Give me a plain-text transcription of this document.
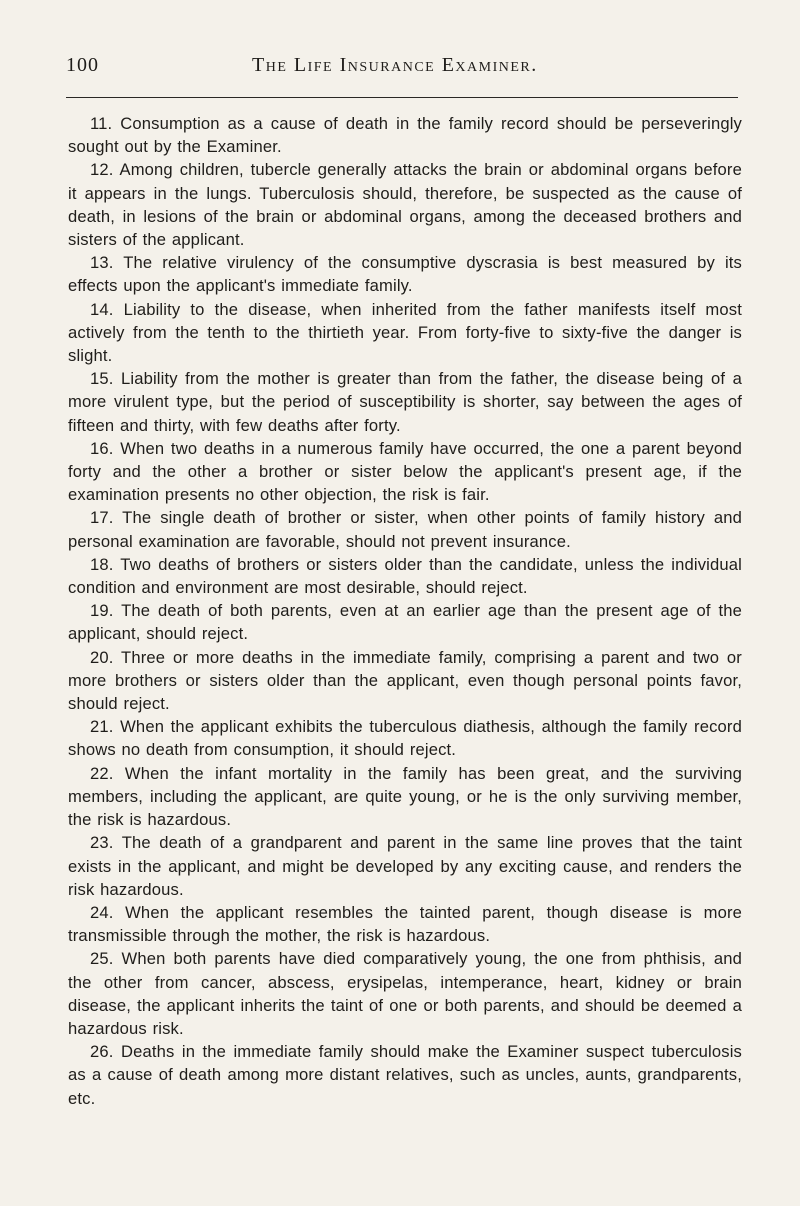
100	The Life Insurance Examiner.

11. Consumption as a cause of death in the family record should be perseveringly sought out by the Examiner.

12. Among children, tubercle generally attacks the brain or abdominal organs before it appears in the lungs. Tuberculosis should, therefore, be suspected as the cause of death, in lesions of the brain or abdominal organs, among the deceased brothers and sisters of the applicant.

13. The relative virulency of the consumptive dyscrasia is best measured by its effects upon the applicant's immediate family.

14. Liability to the disease, when inherited from the father manifests itself most actively from the tenth to the thirtieth year. From forty-five to sixty-five the danger is slight.

15. Liability from the mother is greater than from the father, the disease being of a more virulent type, but the period of susceptibility is shorter, say between the ages of fifteen and thirty, with few deaths after forty.

16. When two deaths in a numerous family have occurred, the one a parent beyond forty and the other a brother or sister below the applicant's present age, if the examination presents no other objection, the risk is fair.

17. The single death of brother or sister, when other points of family history and personal examination are favorable, should not prevent insurance.

18. Two deaths of brothers or sisters older than the candidate, unless the individual condition and environment are most desirable, should reject.

19. The death of both parents, even at an earlier age than the present age of the applicant, should reject.

20. Three or more deaths in the immediate family, comprising a parent and two or more brothers or sisters older than the applicant, even though personal points favor, should reject.

21. When the applicant exhibits the tuberculous diathesis, although the family record shows no death from consumption, it should reject.

22. When the infant mortality in the family has been great, and the surviving members, including the applicant, are quite young, or he is the only surviving member, the risk is hazardous.

23. The death of a grandparent and parent in the same line proves that the taint exists in the applicant, and might be developed by any exciting cause, and renders the risk hazardous.

24. When the applicant resembles the tainted parent, though disease is more transmissible through the mother, the risk is hazardous.

25. When both parents have died comparatively young, the one from phthisis, and the other from cancer, abscess, erysipelas, intemperance, heart, kidney or brain disease, the applicant inherits the taint of one or both parents, and should be deemed a hazardous risk.

26. Deaths in the immediate family should make the Examiner suspect tuberculosis as a cause of death among more distant relatives, such as uncles, aunts, grandparents, etc.
